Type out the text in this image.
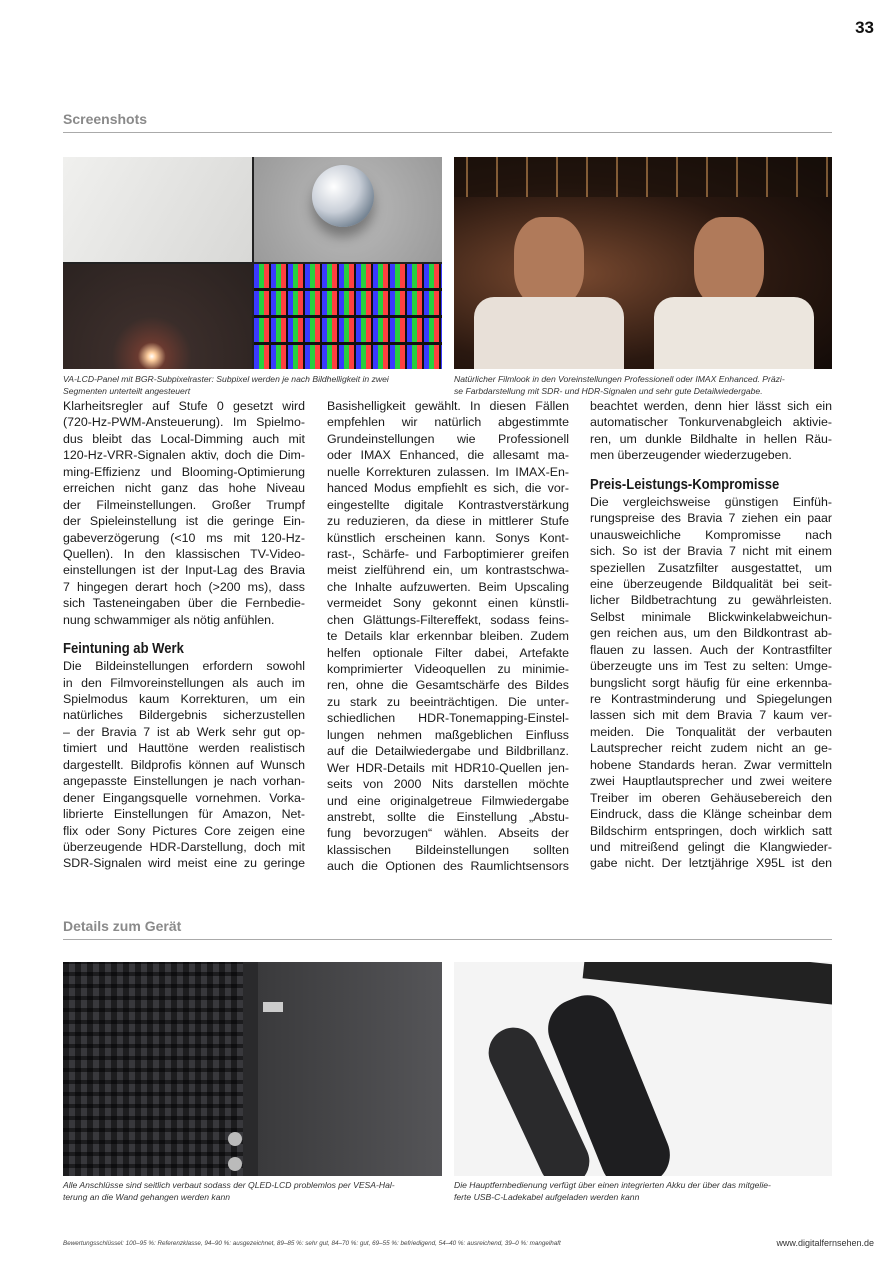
33
Screenshots
VA-LCD-Panel mit BGR-Subpixelraster: Subpixel werden je nach Bildhelligkeit in zwei
Segmenten unterteilt angesteuert
Natürlicher Filmlook in den Voreinstellungen Professionell oder IMAX Enhanced. Präzi-
se Farbdarstellung mit SDR- und HDR-Signalen und sehr gute Detailwiedergabe.
Klarheitsregler auf Stufe 0 gesetzt wird
(720-Hz-PWM-Ansteuerung). Im Spielmo-
dus bleibt das Local-Dimming auch mit
120-Hz-VRR-Signalen aktiv, doch die Dim-
ming-Effizienz und Blooming-Optimierung
erreichen nicht ganz das hohe Niveau
der Filmeinstellungen. Großer Trumpf
der Spieleinstellung ist die geringe Ein-
gabeverzögerung (<10 ms mit 120-Hz-
Quellen). In den klassischen TV-Video-
einstellungen ist der Input-Lag des Bravia
7 hingegen derart hoch (>200 ms), dass
sich Tasteneingaben über die Fernbedie-
nung schwammiger als nötig anfühlen.
Feintuning ab Werk
Die Bildeinstellungen erfordern sowohl
in den Filmvoreinstellungen als auch im
Spielmodus kaum Korrekturen, um ein
natürliches Bildergebnis sicherzustellen
– der Bravia 7 ist ab Werk sehr gut op-
timiert und Hauttöne werden realistisch
dargestellt. Bildprofis können auf Wunsch
angepasste Einstellungen je nach vorhan-
dener Eingangsquelle vornehmen. Vorka-
librierte Einstellungen für Amazon, Net-
flix oder Sony Pictures Core zeigen eine
überzeugende HDR-Darstellung, doch mit
SDR-Signalen wird meist eine zu geringe
Basishelligkeit gewählt. In diesen Fällen
empfehlen wir natürlich abgestimmte
Grundeinstellungen wie Professionell
oder IMAX Enhanced, die allesamt ma-
nuelle Korrekturen zulassen. Im IMAX-En-
hanced Modus empfiehlt es sich, die vor-
eingestellte digitale Kontrastverstärkung
zu reduzieren, da diese in mittlerer Stufe
künstlich erscheinen kann. Sonys Kont-
rast-, Schärfe- und Farboptimierer greifen
meist zielführend ein, um kontrastschwa-
che Inhalte aufzuwerten. Beim Upscaling
vermeidet Sony gekonnt einen künstli-
chen Glättungs-Filtereffekt, sodass feins-
te Details klar erkennbar bleiben. Zudem
helfen optionale Filter dabei, Artefakte
komprimierter Videoquellen zu minimie-
ren, ohne die Gesamtschärfe des Bildes
zu stark zu beeinträchtigen. Die unter-
schiedlichen HDR-Tonemapping-Einstel-
lungen nehmen maßgeblichen Einfluss
auf die Detailwiedergabe und Bildbrillanz.
Wer HDR-Details mit HDR10-Quellen jen-
seits von 2000 Nits darstellen möchte
und eine originalgetreue Filmwiedergabe
anstrebt, sollte die Einstellung „Abstu-
fung bevorzugen“ wählen. Abseits der
klassischen Bildeinstellungen sollten
auch die Optionen des Raumlichtsensors
beachtet werden, denn hier lässt sich ein
automatischer Tonkurvenabgleich aktivie-
ren, um dunkle Bildhalte in hellen Räu-
men überzeugender wiederzugeben.
Preis-Leistungs-Kompromisse
Die vergleichsweise günstigen Einfüh-
rungspreise des Bravia 7 ziehen ein paar
unausweichliche Kompromisse nach
sich. So ist der Bravia 7 nicht mit einem
speziellen Zusatzfilter ausgestattet, um
eine überzeugende Bildqualität bei seit-
licher Bildbetrachtung zu gewährleisten.
Selbst minimale Blickwinkelabweichun-
gen reichen aus, um den Bildkontrast ab-
flauen zu lassen. Auch der Kontrastfilter
überzeugte uns im Test zu selten: Umge-
bungslicht sorgt häufig für eine erkennba-
re Kontrastminderung und Spiegelungen
lassen sich mit dem Bravia 7 kaum ver-
meiden. Die Tonqualität der verbauten
Lautsprecher reicht zudem nicht an ge-
hobene Standards heran. Zwar vermitteln
zwei Hauptlautsprecher und zwei weitere
Treiber im oberen Gehäusebereich den
Eindruck, dass die Klänge scheinbar dem
Bildschirm entspringen, doch wirklich satt
und mitreißend gelingt die Klangwieder-
gabe nicht. Der letztjährige X95L ist den
Details zum Gerät
Alle Anschlüsse sind seitlich verbaut sodass der QLED-LCD problemlos per VESA-Hal-
terung an die Wand gehangen werden kann
Die Hauptfernbedienung verfügt über einen integrierten Akku der über das mitgelie-
ferte USB-C-Ladekabel aufgeladen werden kann
Bewertungsschlüssel: 100–95 %: Referenzklasse, 94–90 %: ausgezeichnet, 89–85 %: sehr gut, 84–70 %: gut, 69–55 %: befriedigend, 54–40 %: ausreichend, 39–0 %: mangelhaft	www.digitalfernsehen.de
